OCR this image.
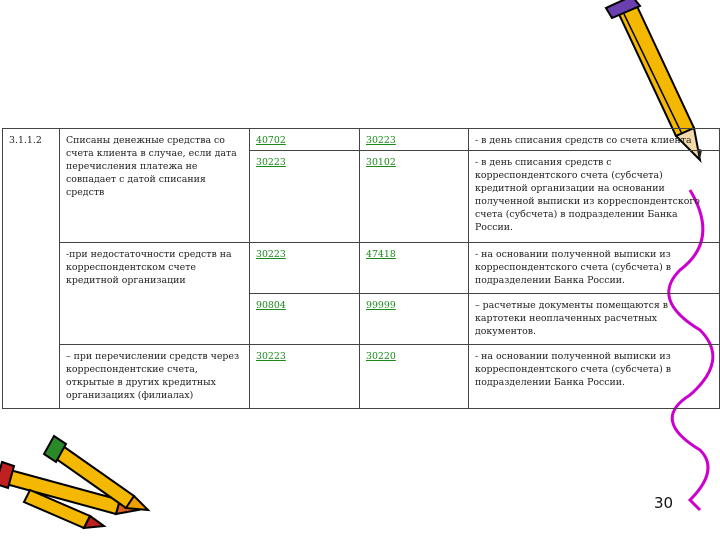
3.1.1.2	Списаны денежные средства со счета клиента в случае, если дата перечисления платежа не совпадает с датой списания средств	40702	30223	- в день списания средств со счета клиента
		30223	30102	- в день списания средств с корреспондентского счета (субсчета) кредитной организации на основании полученной выписки из корреспондентского счета (субсчета) в подразделении Банка России.
	-при недостаточности средств на корреспондентском счете кредитной организации	30223	47418	- на основании полученной выписки из корреспондентского счета (субсчета) в подразделении Банка России.
		90804	99999	– расчетные документы помещаются в картотеки неоплаченных расчетных документов.
	– при перечислении средств через корреспондентские счета, открытые в других кредитных организациях (филиалах)	30223	30220	- на основании полученной выписки из корреспондентского счета (субсчета) в подразделении Банка России.
30
